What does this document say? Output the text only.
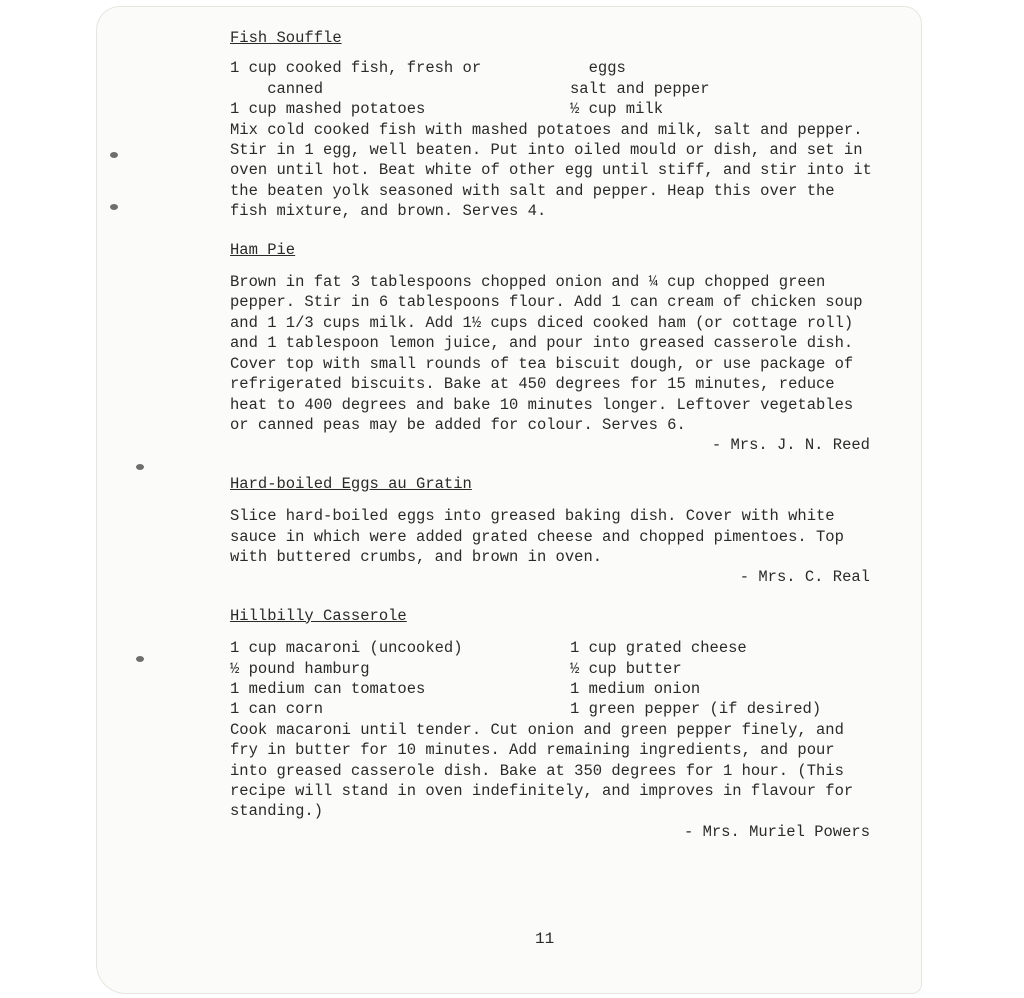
Fish Souffle
1 cup cooked fish, fresh or	eggs
canned	salt and pepper
1 cup mashed potatoes	½ cup milk

Mix cold cooked fish with mashed potatoes and milk, salt and pepper. Stir in 1 egg, well beaten. Put into oiled mould or dish, and set in oven until hot. Beat white of other egg until stiff, and stir into it the beaten yolk seasoned with salt and pepper. Heap this over the fish mixture, and brown. Serves 4.

Ham Pie

Brown in fat 3 tablespoons chopped onion and ¼ cup chopped green pepper. Stir in 6 tablespoons flour. Add 1 can cream of chicken soup and 1 1/3 cups milk. Add 1½ cups diced cooked ham (or cottage roll) and 1 tablespoon lemon juice, and pour into greased casserole dish. Cover top with small rounds of tea biscuit dough, or use package of refrigerated biscuits. Bake at 450 degrees for 15 minutes, reduce heat to 400 degrees and bake 10 minutes longer. Leftover vegetables or canned peas may be added for colour. Serves 6.

- Mrs. J. N. Reed

Hard-boiled Eggs au Gratin

Slice hard-boiled eggs into greased baking dish. Cover with white sauce in which were added grated cheese and chopped pimentoes. Top with buttered crumbs, and brown in oven.

- Mrs. C. Real

Hillbilly Casserole
1 cup macaroni (uncooked)	1 cup grated cheese
½ pound hamburg	½ cup butter
1 medium can tomatoes	1 medium onion
1 can corn	1 green pepper (if desired)

Cook macaroni until tender. Cut onion and green pepper finely, and fry in butter for 10 minutes. Add remaining ingredients, and pour into greased casserole dish. Bake at 350 degrees for 1 hour. (This recipe will stand in oven indefinitely, and improves in flavour for standing.)

- Mrs. Muriel Powers

11
